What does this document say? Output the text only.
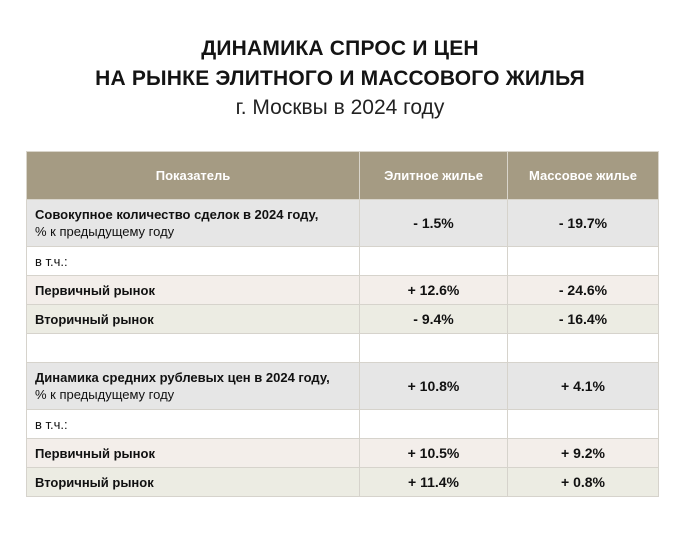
ДИНАМИКА СПРОС И ЦЕН
НА РЫНКЕ ЭЛИТНОГО И МАССОВОГО ЖИЛЬЯ
г. Москвы в 2024 году
Показатель	Элитное жилье	Массовое жилье

Совокупное количество сделок в 2024 году,
% к предыдущему году	- 1.5%	- 19.7%
в т.ч.:		
Первичный рынок	+ 12.6%	- 24.6%
Вторичный рынок	- 9.4%	- 16.4%

Динамика средних рублевых цен в 2024 году,
% к предыдущему году	+ 10.8%	+ 4.1%
в т.ч.:		
Первичный рынок	+ 10.5%	+ 9.2%
Вторичный рынок	+ 11.4%	+ 0.8%
